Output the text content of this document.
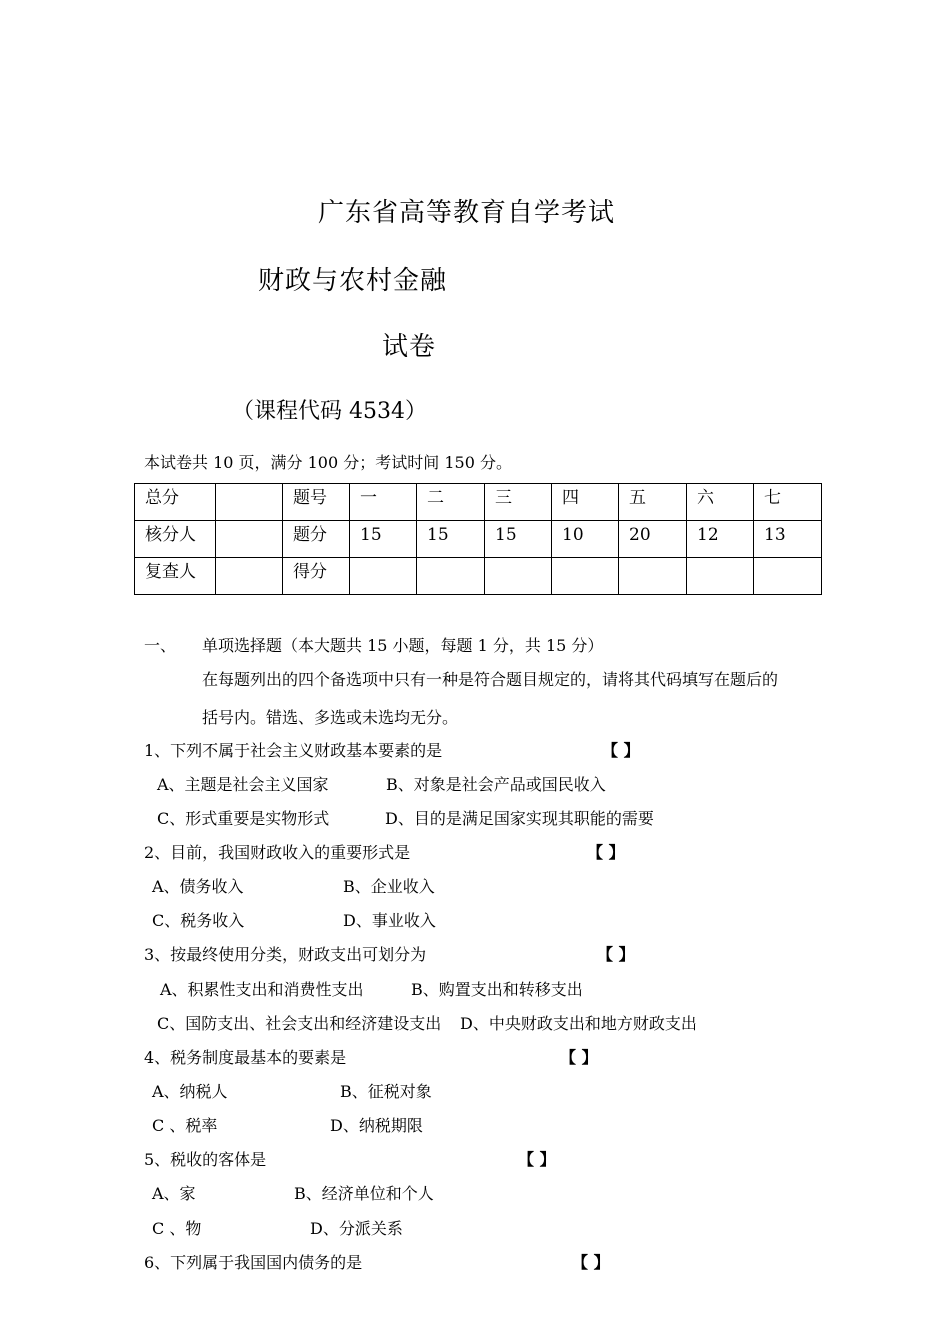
广东省高等教育自学考试
财政与农村金融
试卷
（课程代码 4534）
本试卷共 10 页，满分 100 分；考试时间 150 分。
总分		题号	一	二	三	四	五	六	七
核分人		题分	15	15	15	10	20	12	13
复查人		得分							
一、 单项选择题（本大题共 15 小题，每题 1 分，共 15 分）
在每题列出的四个备选项中只有一种是符合题目规定的，请将其代码填写在题后的
括号内。错选、多选或未选均无分。
1、下列不属于社会主义财政基本要素的是	【 】
A、主题是社会主义国家	B、对象是社会产品或国民收入
C、形式重要是实物形式	D、目的是满足国家实现其职能的需要
2、目前，我国财政收入的重要形式是	【 】
A、债务收入	B、企业收入
C、税务收入	D、事业收入
3、按最终使用分类，财政支出可划分为	【 】
A、积累性支出和消费性支出	B、购置支出和转移支出
C、国防支出、社会支出和经济建设支出 D、中央财政支出和地方财政支出
4、税务制度最基本的要素是	【 】
A、纳税人	B、征税对象
C 、税率	D、纳税期限
5、税收的客体是	【 】
A、家	B、经济单位和个人
C 、物	D、分派关系
6、下列属于我国国内债务的是	【 】
